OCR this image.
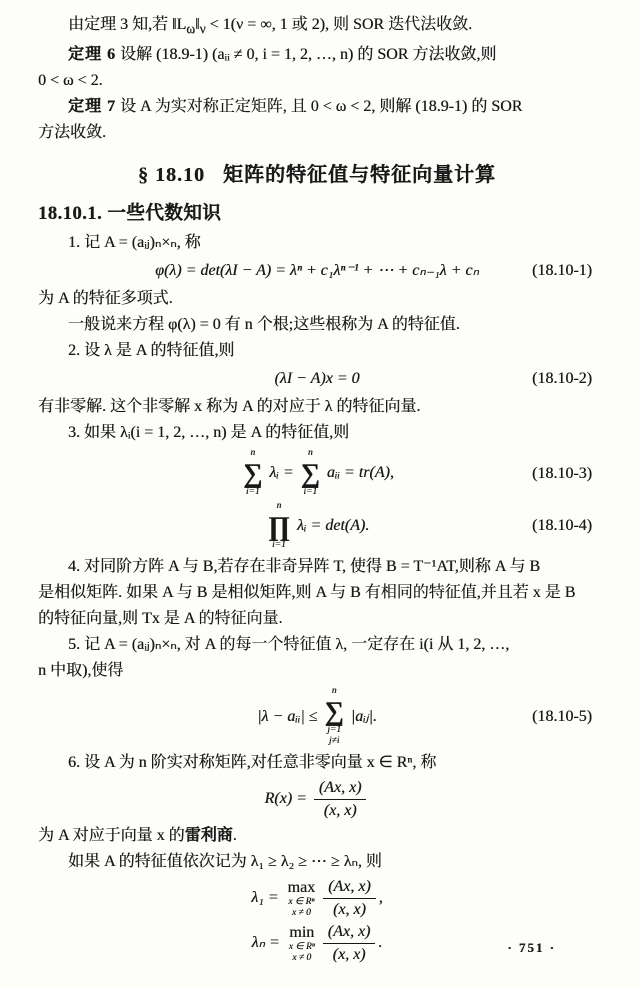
由定理 3 知,若 $‖L_\omega‖_\nu < 1(\nu$ = ∞, 1 或 2), 则 SOR 迭代法收敛.

定理 6 设解 (18.9-1) (aᵢᵢ ≠ 0, i = 1, 2, …, n) 的 SOR 方法收敛,则

0 < ω < 2.

定理 7 设 A 为实对称正定矩阵, 且 0 < ω < 2, 则解 (18.9-1) 的 SOR

方法收敛.

§ 18.10 矩阵的特征值与特征向量计算
18.10.1. 一些代数知识

1. 记 A = (aᵢⱼ)ₙ×ₙ, 称

φ(λ) = det(λI − A) = λⁿ + c₁λⁿ⁻¹ + ⋯ + cₙ₋₁λ + cₙ	(18.10-1)

为 A 的特征多项式.

一般说来方程 φ(λ) = 0 有 n 个根;这些根称为 A 的特征值.

2. 设 λ 是 A 的特征值,则

(λI − A)x = 0	(18.10-2)

有非零解. 这个非零解 x 称为 A 的对应于 λ 的特征向量.

3. 如果 λᵢ(i = 1, 2, …, n) 是 A 的特征值,则

n
∑
i=1
λᵢ =
n
∑
i=1
aᵢᵢ = tr(A),	(18.10-3)
n
∏
i=1
λᵢ = det(A).	(18.10-4)

4. 对同阶方阵 A 与 B,若存在非奇异阵 T, 使得 B = T⁻¹AT,则称 A 与 B

是相似矩阵. 如果 A 与 B 是相似矩阵,则 A 与 B 有相同的特征值,并且若 x 是 B

的特征向量,则 Tx 是 A 的特征向量.

5. 记 A = (aᵢⱼ)ₙ×ₙ, 对 A 的每一个特征值 λ, 一定存在 i(i 从 1, 2, …,

n 中取),使得

|λ − aᵢᵢ| ≤
n
∑
j=1
j≠i
|aᵢⱼ|.	(18.10-5)

6. 设 A 为 n 阶实对称矩阵,对任意非零向量 x ∈ Rⁿ, 称

$R(x) = \frac{(Ax, x)}{(x, x)}$

为 A 对应于向量 x 的雷利商.

如果 A 的特征值依次记为 λ₁ ≥ λ₂ ≥ ⋯ ≥ λₙ, 则

λ₁ =
max
x ∈ Rⁿ
$x \ne 0 \frac{(Ax, x)}{(x, x)}$ ,
λₙ =
min
x ∈ Rⁿ
$x \ne 0 \frac{(Ax, x)}{(x, x)}$ .	· 751 ·
